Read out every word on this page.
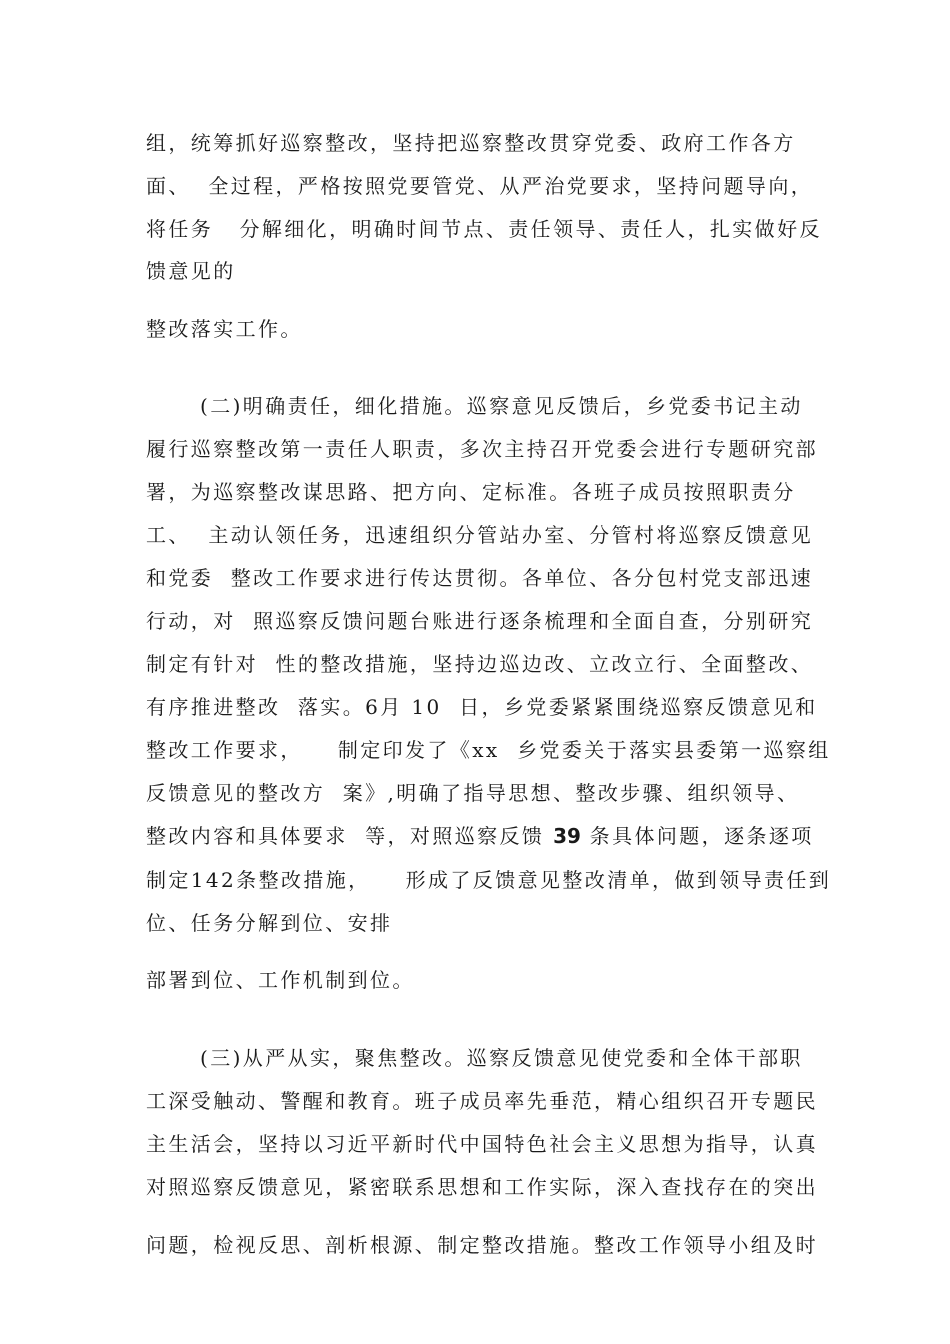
组，统筹抓好巡察整改，坚持把巡察整改贯穿党委、政府工作各方
面、  全过程，严格按照党要管党、从严治党要求，坚持问题导向，
将任务   分解细化，明确时间节点、责任领导、责任人，扎实做好反
馈意见的
整改落实工作。
(二)明确责任，细化措施。巡察意见反馈后，乡党委书记主动
履行巡察整改第一责任人职责，多次主持召开党委会进行专题研究部
署，为巡察整改谋思路、把方向、定标准。各班子成员按照职责分
工、  主动认领任务，迅速组织分管站办室、分管村将巡察反馈意见
和党委  整改工作要求进行传达贯彻。各单位、各分包村党支部迅速
行动，对  照巡察反馈问题台账进行逐条梳理和全面自查，分别研究
制定有针对  性的整改措施，坚持边巡边改、立改立行、全面整改、
有序推进整改  落实。6月 10  日，乡党委紧紧围绕巡察反馈意见和
整改工作要求，    制定印发了《xx  乡党委关于落实县委第一巡察组
反馈意见的整改方  案》,明确了指导思想、整改步骤、组织领导、
整改内容和具体要求  等，对照巡察反馈 39 条具体问题，逐条逐项
制定142条整改措施，    形成了反馈意见整改清单，做到领导责任到
位、任务分解到位、安排
部署到位、工作机制到位。
(三)从严从实，聚焦整改。巡察反馈意见使党委和全体干部职
工深受触动、警醒和教育。班子成员率先垂范，精心组织召开专题民
主生活会，坚持以习近平新时代中国特色社会主义思想为指导，认真
对照巡察反馈意见，紧密联系思想和工作实际，深入查找存在的突出
问题，检视反思、剖析根源、制定整改措施。整改工作领导小组及时
